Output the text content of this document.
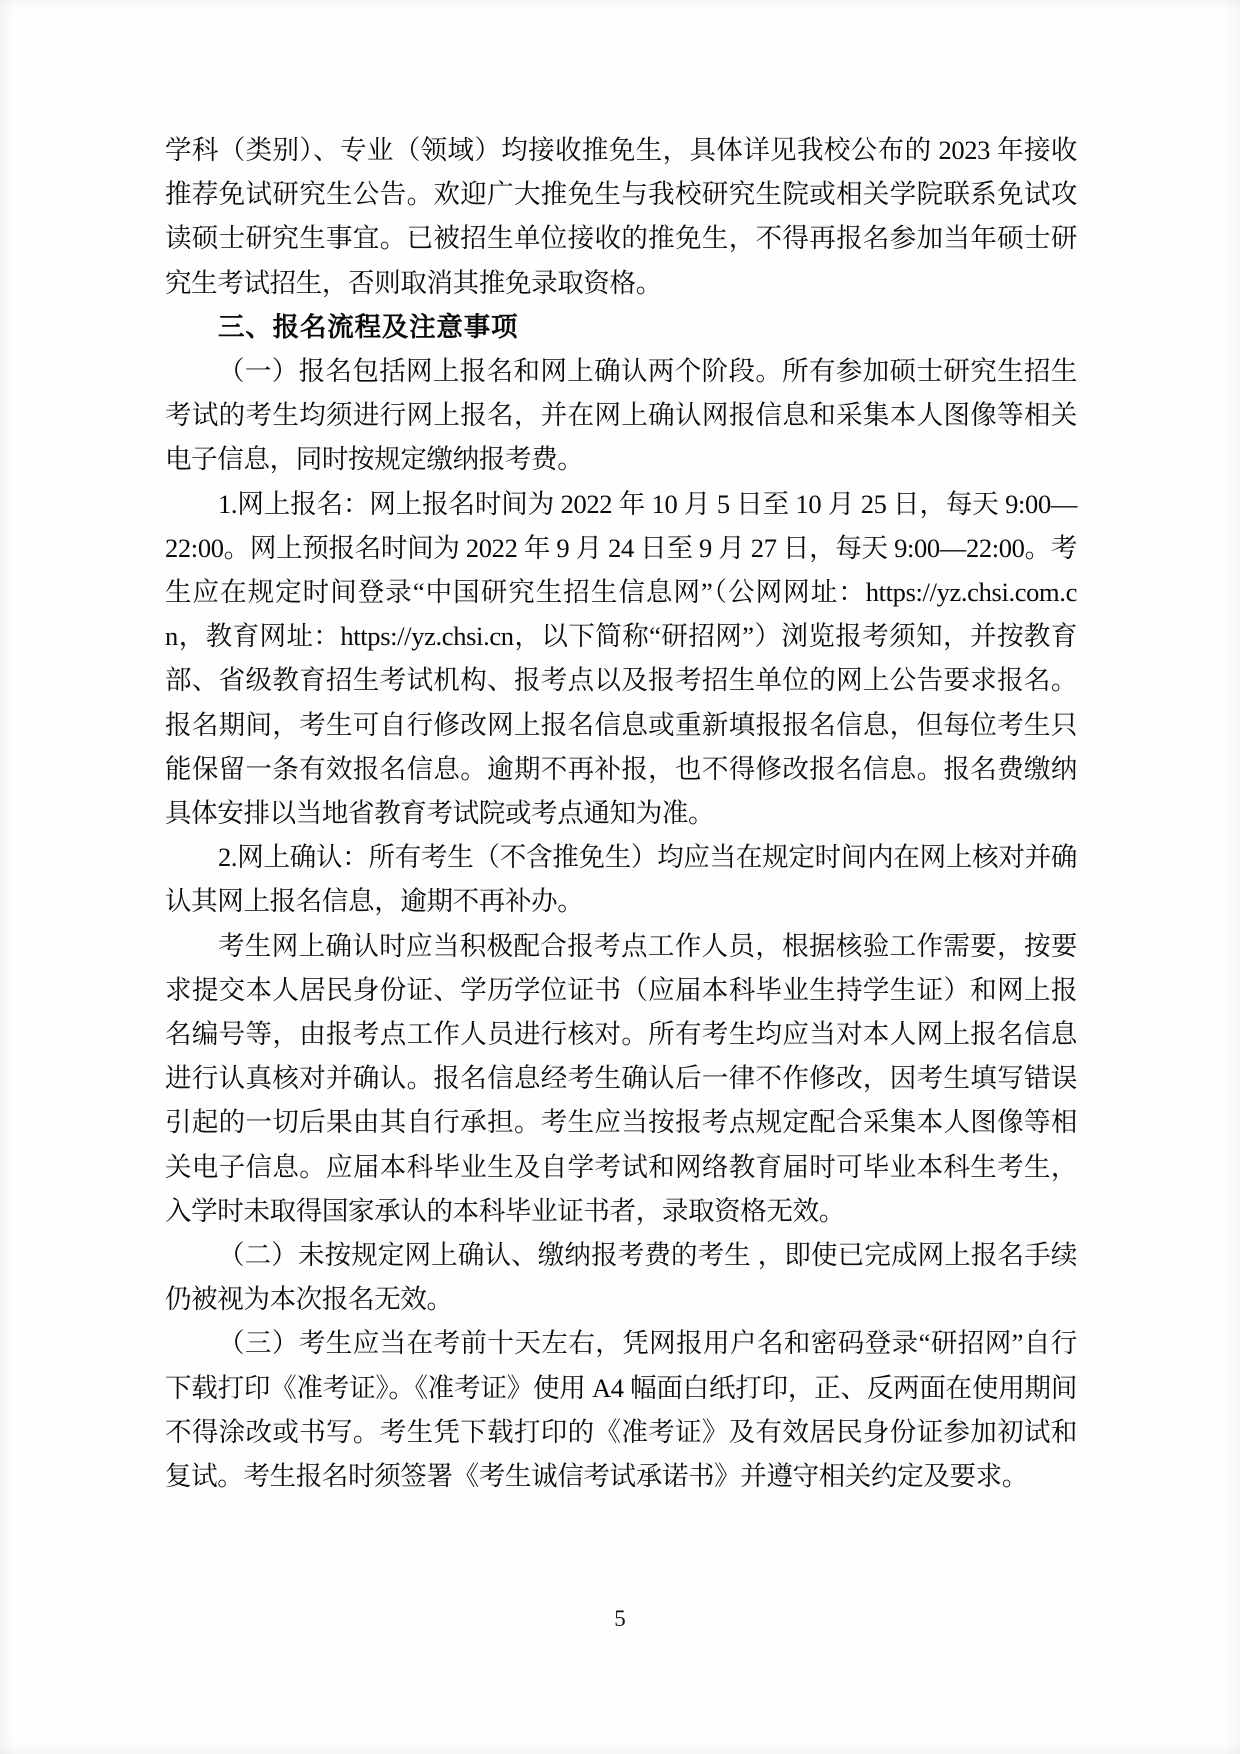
学科（类别）、专业（领域）均接收推免生，具体详见我校公布的 2023 年接收推荐免试研究生公告。欢迎广大推免生与我校研究生院或相关学院联系免试攻读硕士研究生事宜。已被招生单位接收的推免生，不得再报名参加当年硕士研究生考试招生，否则取消其推免录取资格。

三、报名流程及注意事项

（一）报名包括网上报名和网上确认两个阶段。所有参加硕士研究生招生考试的考生均须进行网上报名，并在网上确认网报信息和采集本人图像等相关电子信息，同时按规定缴纳报考费。

1.网上报名：网上报名时间为 2022 年 10 月 5 日至 10 月 25 日，每天 9:00—22:00。网上预报名时间为 2022 年 9 月 24 日至 9 月 27 日，每天 9:00—22:00。考生应在规定时间登录“中国研究生招生信息网”（公网网址：https://yz.chsi.com.cn，教育网址：https://yz.chsi.cn，以下简称“研招网”）浏览报考须知，并按教育部、省级教育招生考试机构、报考点以及报考招生单位的网上公告要求报名。报名期间，考生可自行修改网上报名信息或重新填报报名信息，但每位考生只能保留一条有效报名信息。逾期不再补报，也不得修改报名信息。报名费缴纳具体安排以当地省教育考试院或考点通知为准。

2.网上确认：所有考生（不含推免生）均应当在规定时间内在网上核对并确认其网上报名信息，逾期不再补办。

考生网上确认时应当积极配合报考点工作人员，根据核验工作需要，按要求提交本人居民身份证、学历学位证书（应届本科毕业生持学生证）和网上报名编号等，由报考点工作人员进行核对。所有考生均应当对本人网上报名信息进行认真核对并确认。报名信息经考生确认后一律不作修改，因考生填写错误引起的一切后果由其自行承担。考生应当按报考点规定配合采集本人图像等相关电子信息。应届本科毕业生及自学考试和网络教育届时可毕业本科生考生，入学时未取得国家承认的本科毕业证书者，录取资格无效。

（二）未按规定网上确认、缴纳报考费的考生 ，即使已完成网上报名手续仍被视为本次报名无效。

（三）考生应当在考前十天左右，凭网报用户名和密码登录“研招网”自行下载打印《准考证》。《准考证》使用 A4 幅面白纸打印，正、反两面在使用期间不得涂改或书写。考生凭下载打印的《准考证》及有效居民身份证参加初试和复试。考生报名时须签署《考生诚信考试承诺书》并遵守相关约定及要求。

5
